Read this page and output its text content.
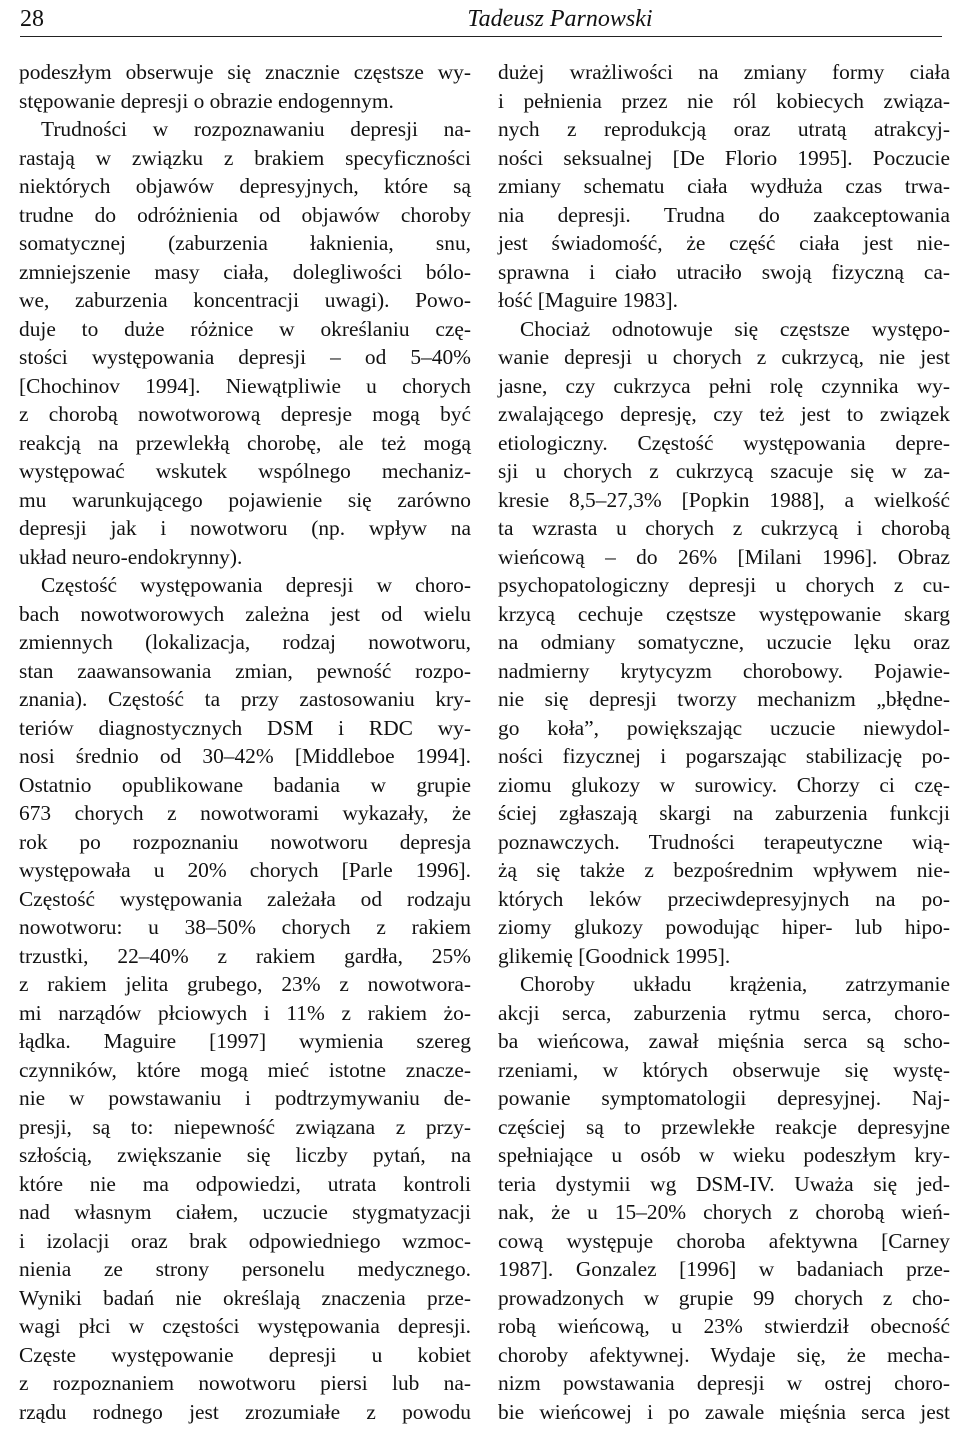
28	Tadeusz Parnowski
podeszłym obserwuje się znacznie częstsze wy-
stępowanie depresji o obrazie endogennym.
Trudności w rozpoznawaniu depresji na-
rastają w związku z brakiem specyficzności
niektórych objawów depresyjnych, które są
trudne do odróżnienia od objawów choroby
somatycznej (zaburzenia łaknienia, snu,
zmniejszenie masy ciała, dolegliwości bólo-
we, zaburzenia koncentracji uwagi). Powo-
duje to duże różnice w określaniu czę-
stości występowania depresji – od 5–40%
[Chochinov 1994]. Niewątpliwie u chorych
z chorobą nowotworową depresje mogą być
reakcją na przewlekłą chorobę, ale też mogą
występować wskutek wspólnego mechaniz-
mu warunkującego pojawienie się zarówno
depresji jak i nowotworu (np. wpływ na
układ neuro-endokrynny).
Częstość występowania depresji w choro-
bach nowotworowych zależna jest od wielu
zmiennych (lokalizacja, rodzaj nowotworu,
stan zaawansowania zmian, pewność rozpo-
znania). Częstość ta przy zastosowaniu kry-
teriów diagnostycznych DSM i RDC wy-
nosi średnio od 30–42% [Middleboe 1994].
Ostatnio opublikowane badania w grupie
673 chorych z nowotworami wykazały, że
rok po rozpoznaniu nowotworu depresja
występowała u 20% chorych [Parle 1996].
Częstość występowania zależała od rodzaju
nowotworu: u 38–50% chorych z rakiem
trzustki, 22–40% z rakiem gardła, 25%
z rakiem jelita grubego, 23% z nowotwora-
mi narządów płciowych i 11% z rakiem żo-
łądka. Maguire [1997] wymienia szereg
czynników, które mogą mieć istotne znacze-
nie w powstawaniu i podtrzymywaniu de-
presji, są to: niepewność związana z przy-
szłością, zwiększanie się liczby pytań, na
które nie ma odpowiedzi, utrata kontroli
nad własnym ciałem, uczucie stygmatyzacji
i izolacji oraz brak odpowiedniego wzmoc-
nienia ze strony personelu medycznego.
Wyniki badań nie określają znaczenia prze-
wagi płci w częstości występowania depresji.
Częste występowanie depresji u kobiet
z rozpoznaniem nowotworu piersi lub na-
rządu rodnego jest zrozumiałe z powodu
dużej wrażliwości na zmiany formy ciała
i pełnienia przez nie ról kobiecych związa-
nych z reprodukcją oraz utratą atrakcyj-
ności seksualnej [De Florio 1995]. Poczucie
zmiany schematu ciała wydłuża czas trwa-
nia depresji. Trudna do zaakceptowania
jest świadomość, że część ciała jest nie-
sprawna i ciało utraciło swoją fizyczną ca-
łość [Maguire 1983].
Chociaż odnotowuje się częstsze występo-
wanie depresji u chorych z cukrzycą, nie jest
jasne, czy cukrzyca pełni rolę czynnika wy-
zwalającego depresję, czy też jest to związek
etiologiczny. Częstość występowania depre-
sji u chorych z cukrzycą szacuje się w za-
kresie 8,5–27,3% [Popkin 1988], a wielkość
ta wzrasta u chorych z cukrzycą i chorobą
wieńcową – do 26% [Milani 1996]. Obraz
psychopatologiczny depresji u chorych z cu-
krzycą cechuje częstsze występowanie skarg
na odmiany somatyczne, uczucie lęku oraz
nadmierny krytycyzm chorobowy. Pojawie-
nie się depresji tworzy mechanizm „błędne-
go koła”, powiększając uczucie niewydol-
ności fizycznej i pogarszając stabilizację po-
ziomu glukozy w surowicy. Chorzy ci czę-
ściej zgłaszają skargi na zaburzenia funkcji
poznawczych. Trudności terapeutyczne wią-
żą się także z bezpośrednim wpływem nie-
których leków przeciwdepresyjnych na po-
ziomy glukozy powodując hiper- lub hipo-
glikemię [Goodnick 1995].
Choroby układu krążenia, zatrzymanie
akcji serca, zaburzenia rytmu serca, choro-
ba wieńcowa, zawał mięśnia serca są scho-
rzeniami, w których obserwuje się wystę-
powanie symptomatologii depresyjnej. Naj-
częściej są to przewlekłe reakcje depresyjne
spełniające u osób w wieku podeszłym kry-
teria dystymii wg DSM-IV. Uważa się jed-
nak, że u 15–20% chorych z chorobą wień-
cową występuje choroba afektywna [Carney
1987]. Gonzalez [1996] w badaniach prze-
prowadzonych w grupie 99 chorych z cho-
robą wieńcową, u 23% stwierdził obecność
choroby afektywnej. Wydaje się, że mecha-
nizm powstawania depresji w ostrej choro-
bie wieńcowej i po zawale mięśnia serca jest
